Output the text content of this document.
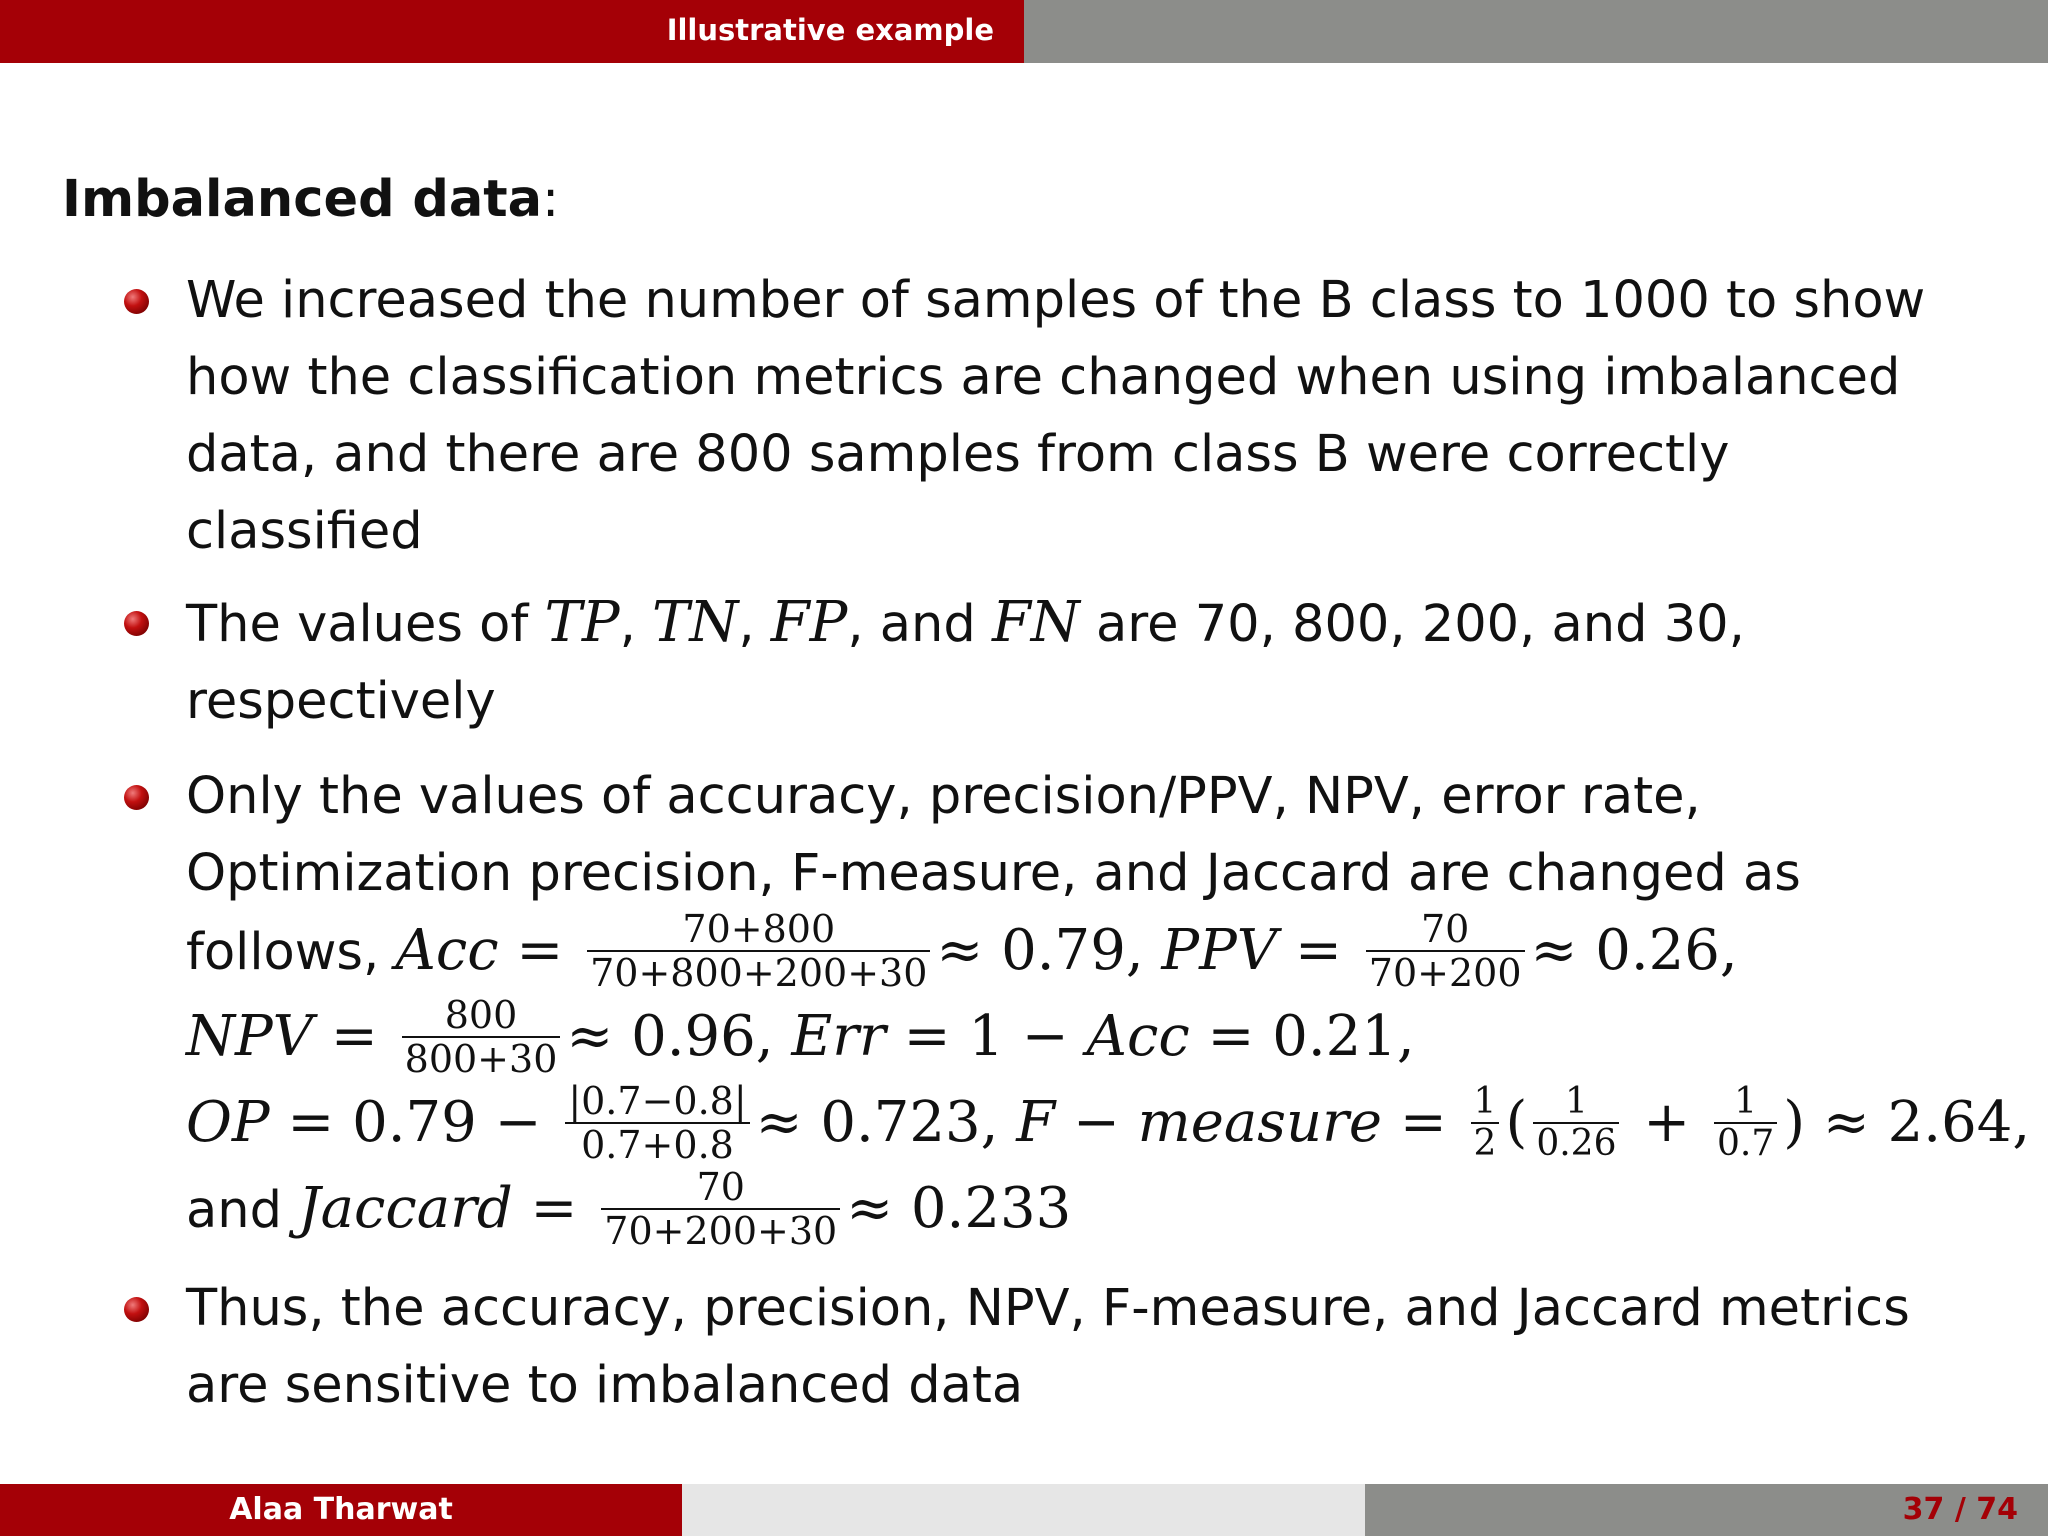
Illustrative example
Imbalanced data:
We increased the number of samples of the B class to 1000 to show how the classification metrics are changed when using imbalanced data, and there are 800 samples from class B were correctly classified
The values of TP, TN, FP, and FN are 70, 800, 200, and 30, respectively
Only the values of accuracy, precision/PPV, NPV, error rate, Optimization precision, F-measure, and Jaccard are changed as follows, Acc = $\frac{70+800}{70+800+200+30} \approx 0.79$, PPV = $\frac{70}{70+200} \approx 0.26$,
NPV = $\frac{800}{800+30} \approx 0.96$, Err = 1 − Acc = 0.21,
OP = $0.79 - \frac{|0.7-0.8|}{0.7+0.8} \approx 0.723$, F − measure = $\frac{1}{2}$ ( $\frac{1}{0.26} + \frac{1}{0.7}$ ) ≈ 2.64,
and Jaccard = $\frac{70}{70+200+30} \approx 0.233$
Thus, the accuracy, precision, NPV, F-measure, and Jaccard metrics are sensitive to imbalanced data
Alaa Tharwat	37 / 74
